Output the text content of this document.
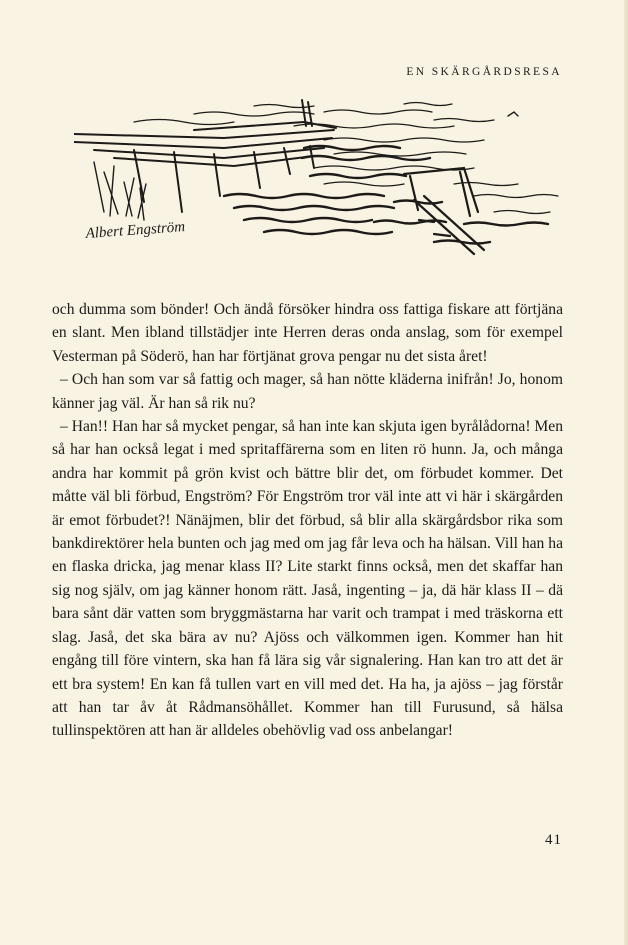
EN SKÄRGÅRDSRESA
Albert Engström

och dumma som bönder! Och ändå försöker hindra oss fattiga fiskare att förtjäna en slant. Men ibland tillstädjer inte Herren deras onda anslag, som för exempel Vesterman på Söderö, han har förtjänat grova pengar nu det sista året!

– Och han som var så fattig och mager, så han nötte kläderna inifrån! Jo, honom känner jag väl. Är han så rik nu?

– Han!! Han har så mycket pengar, så han inte kan skjuta igen byrålådorna! Men så har han också legat i med spritaffärerna som en liten rö hunn. Ja, och många andra har kommit på grön kvist och bättre blir det, om förbudet kommer. Det måtte väl bli förbud, Engström? För Engström tror väl inte att vi här i skärgården är emot förbudet?! Nänäjmen, blir det förbud, så blir alla skärgårdsbor rika som bankdirektörer hela bunten och jag med om jag får leva och ha hälsan. Vill han ha en flaska dricka, jag menar klass II? Lite starkt finns också, men det skaffar han sig nog själv, om jag känner honom rätt. Jaså, ingenting – ja, dä här klass II – dä bara sånt där vatten som bryggmästarna har varit och trampat i med träskorna ett slag. Jaså, det ska bära av nu? Ajöss och välkommen igen. Kommer han hit engång till före vintern, ska han få lära sig vår signalering. Han kan tro att det är ett bra system! En kan få tullen vart en vill med det. Ha ha, ja ajöss – jag förstår att han tar åv åt Rådmansöhållet. Kommer han till Furusund, så hälsa tullinspektören att han är alldeles obehövlig vad oss anbelangar!

41
